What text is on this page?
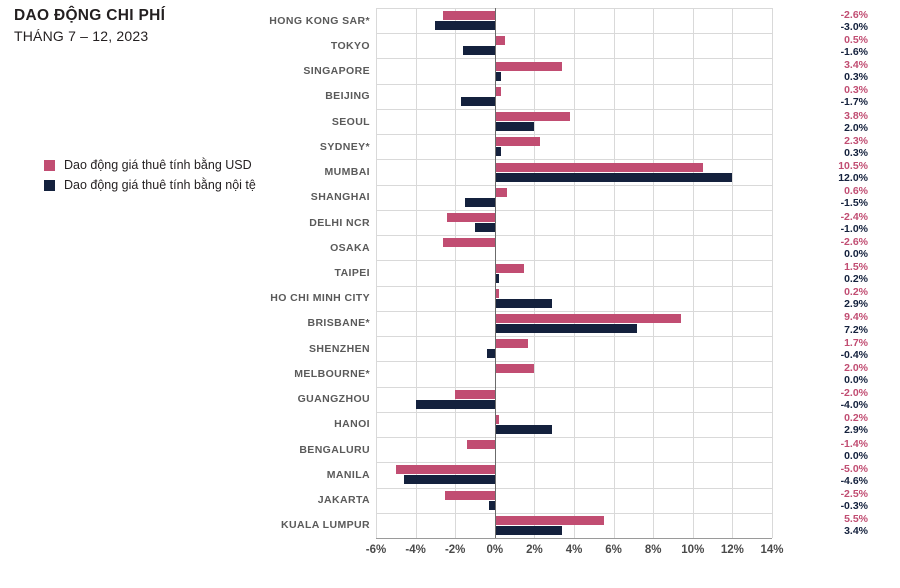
DAO ĐỘNG CHI PHÍ
THÁNG 7 – 12, 2023
Dao động giá thuê tính bằng USD
Dao động giá thuê tính bằng nội tệ
HONG KONG SAR*
TOKYO
SINGAPORE
BEIJING
SEOUL
SYDNEY*
MUMBAI
SHANGHAI
DELHI NCR
OSAKA
TAIPEI
HO CHI MINH CITY
BRISBANE*
SHENZHEN
MELBOURNE*
GUANGZHOU
HANOI
BENGALURU
MANILA
JAKARTA
KUALA LUMPUR
-2.6%
-3.0%
0.5%
-1.6%
3.4%
0.3%
0.3%
-1.7%
3.8%
2.0%
2.3%
0.3%
10.5%
12.0%
0.6%
-1.5%
-2.4%
-1.0%
-2.6%
0.0%
1.5%
0.2%
0.2%
2.9%
9.4%
7.2%
1.7%
-0.4%
2.0%
0.0%
-2.0%
-4.0%
0.2%
2.9%
-1.4%
0.0%
-5.0%
-4.6%
-2.5%
-0.3%
5.5%
3.4%
-6% -4% -2% 0% 2% 4% 6% 8% 10% 12% 14%
